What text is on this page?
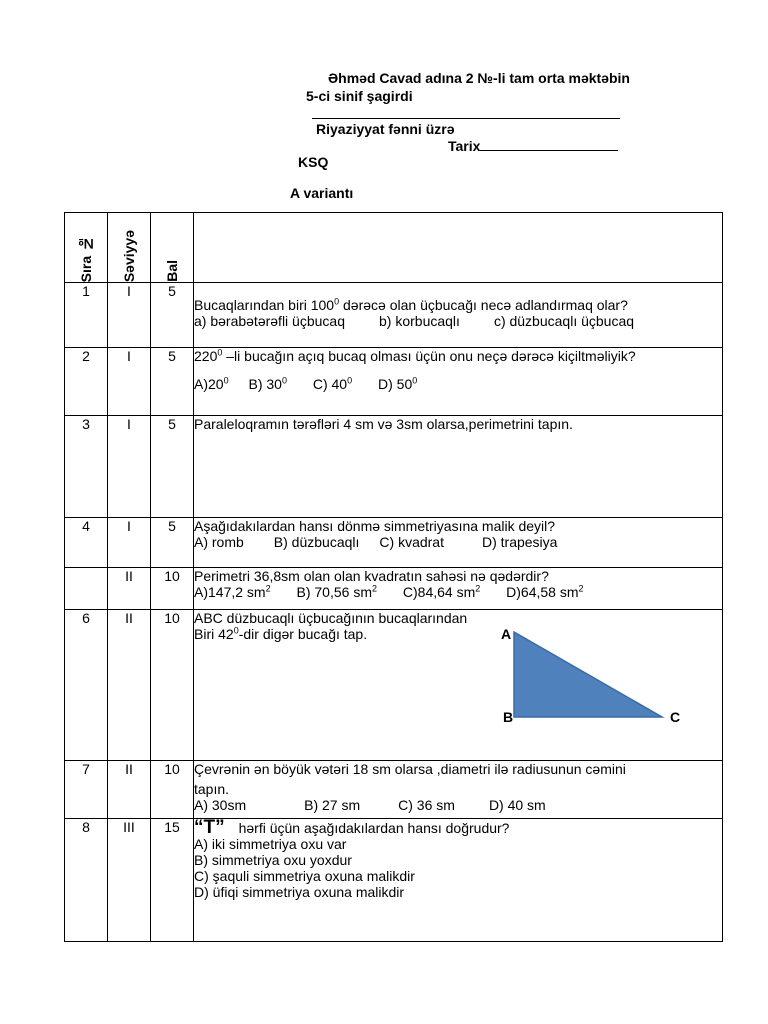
Əhməd Cavad adına 2 №-li tam orta məktəbin
5-ci sinif şagirdi
Riyaziyyat fənni üzrə
Tarix
KSQ
A variantı
Sıra №	Səviyyə	Bal	

1	I	5	Bucaqlarından biri $100^0$ dərəcə olan üçbucağı necə adlandırmaq olar?
a) bərabətərəfli üçbucaq b) korbucaqlı c) düzbucaqlı üçbucaq

2	I	5	$220^0$ –li bucağın açıq bucaq olması üçün onu neçə dərəcə kiçiltməliyik?
$A)20^0$ B) $30^0$ C) $40^0$ D) $50^0$

3	I	5	Paraleloqramın tərəfləri 4 sm və 3sm olarsa,perimetrini tapın.

4	I	5	Aşağıdakılardan hansı dönmə simmetriyasına malik deyil?
A) romb B) düzbucaqlı C) kvadrat D) trapesiya

	II	10	Perimetri 36,8sm olan olan kvadratın sahəsi nə qədərdir?
A)147,2 $sm^2$ B) 70,56 $sm^2$ C)84,64 $sm^2$ D)64,58 $sm^2$

6	II	10	ABC düzbucaqlı üçbucağının bucaqlarından
Biri $42^0$-dir digər bucağı tap. A
B C

7	II	10	Çevrənin ən böyük vətəri 18 sm olarsa ,diametri ilə radiusunun cəmini
tapın.
A) 30sm B) 27 sm C) 36 sm D) 40 sm

8	III	15	“T” hərfi üçün aşağıdakılardan hansı doğrudur?
A) iki simmetriya oxu var
B) simmetriya oxu yoxdur
C) şaquli simmetriya oxuna malikdir
D) üfiqi simmetriya oxuna malikdir
